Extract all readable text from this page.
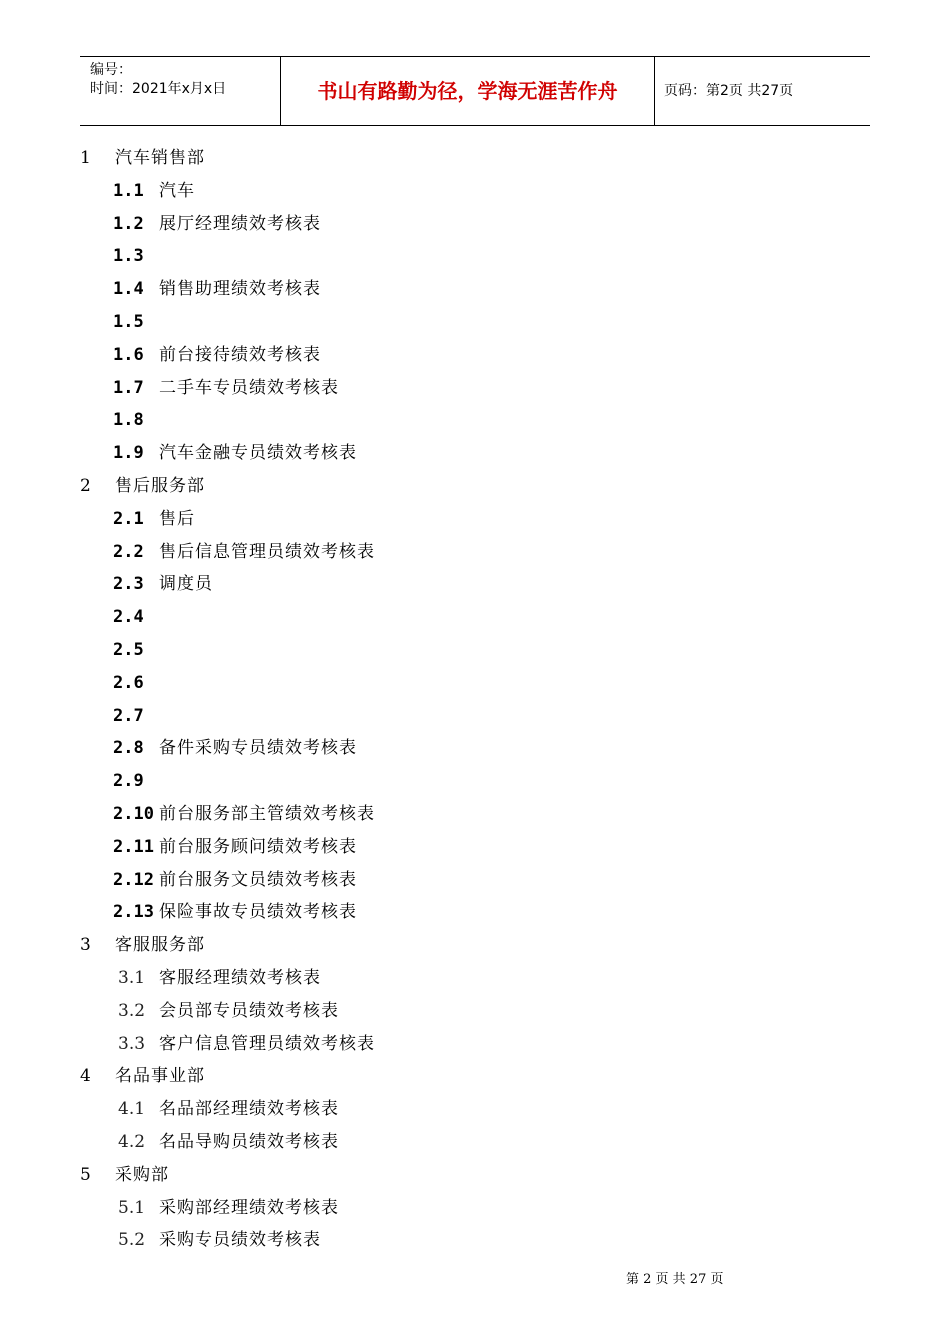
编号：
时间：2021年x月x日	书山有路勤为径，学海无涯苦作舟	页码：第2页 共27页
1 汽车销售部
1.1 汽车
1.2 展厅经理绩效考核表
1.3
1.4 销售助理绩效考核表
1.5
1.6 前台接待绩效考核表
1.7 二手车专员绩效考核表
1.8
1.9 汽车金融专员绩效考核表
2 售后服务部
2.1 售后
2.2 售后信息管理员绩效考核表
2.3 调度员
2.4
2.5
2.6
2.7
2.8 备件采购专员绩效考核表
2.9
2.10 前台服务部主管绩效考核表
2.11 前台服务顾问绩效考核表
2.12 前台服务文员绩效考核表
2.13 保险事故专员绩效考核表
3 客服服务部
3.1 客服经理绩效考核表
3.2 会员部专员绩效考核表
3.3 客户信息管理员绩效考核表
4 名品事业部
4.1 名品部经理绩效考核表
4.2 名品导购员绩效考核表
5 采购部
5.1 采购部经理绩效考核表
5.2 采购专员绩效考核表
第 2 页 共 27 页
